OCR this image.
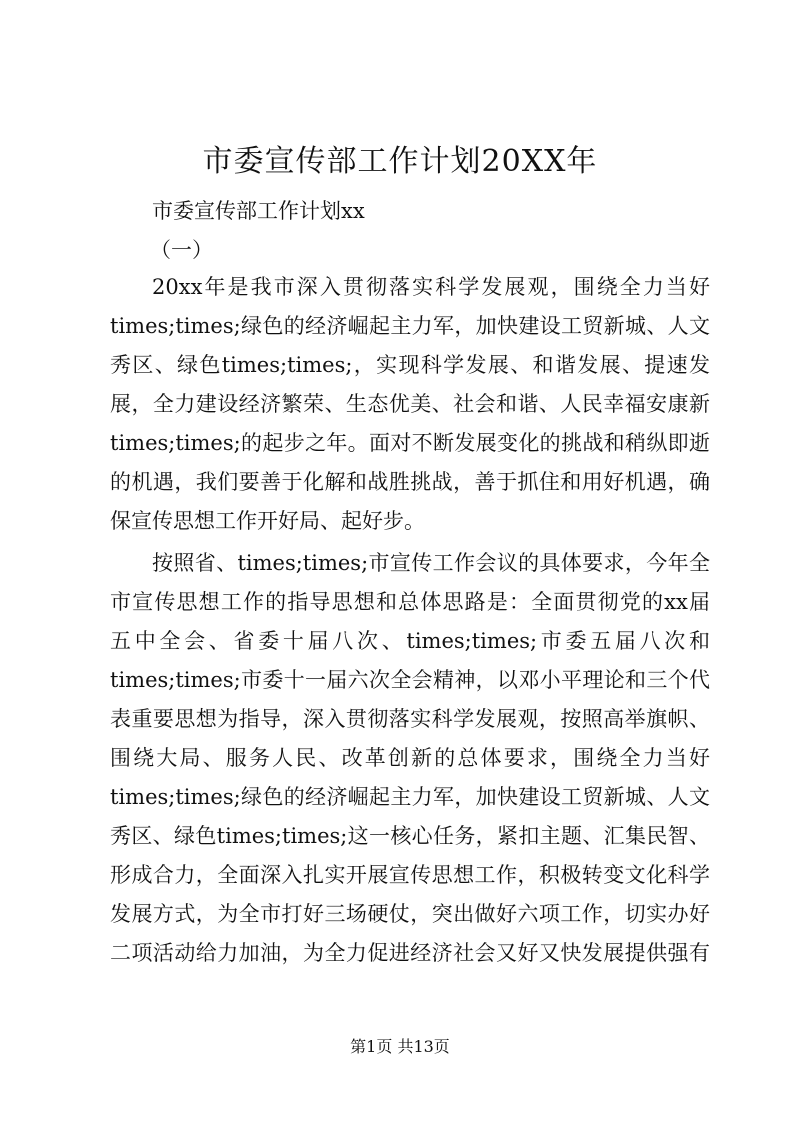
市委宣传部工作计划20XX年
市委宣传部工作计划xx
（一）
20xx年是我市深入贯彻落实科学发展观，围绕全力当好
times;times;绿色的经济崛起主力军，加快建设工贸新城、人文
秀区、绿色times;times;，实现科学发展、和谐发展、提速发
展，全力建设经济繁荣、生态优美、社会和谐、人民幸福安康新
times;times;的起步之年。面对不断发展变化的挑战和稍纵即逝
的机遇，我们要善于化解和战胜挑战，善于抓住和用好机遇，确
保宣传思想工作开好局、起好步。
按照省、times;times;市宣传工作会议的具体要求，今年全
市宣传思想工作的指导思想和总体思路是：全面贯彻党的xx届
五中全会、省委十届八次、times;times;市委五届八次和
times;times;市委十一届六次全会精神，以邓小平理论和三个代
表重要思想为指导，深入贯彻落实科学发展观，按照高举旗帜、
围绕大局、服务人民、改革创新的总体要求，围绕全力当好
times;times;绿色的经济崛起主力军，加快建设工贸新城、人文
秀区、绿色times;times;这一核心任务，紧扣主题、汇集民智、
形成合力，全面深入扎实开展宣传思想工作，积极转变文化科学
发展方式，为全市打好三场硬仗，突出做好六项工作，切实办好
二项活动给力加油，为全力促进经济社会又好又快发展提供强有
第1页 共13页
